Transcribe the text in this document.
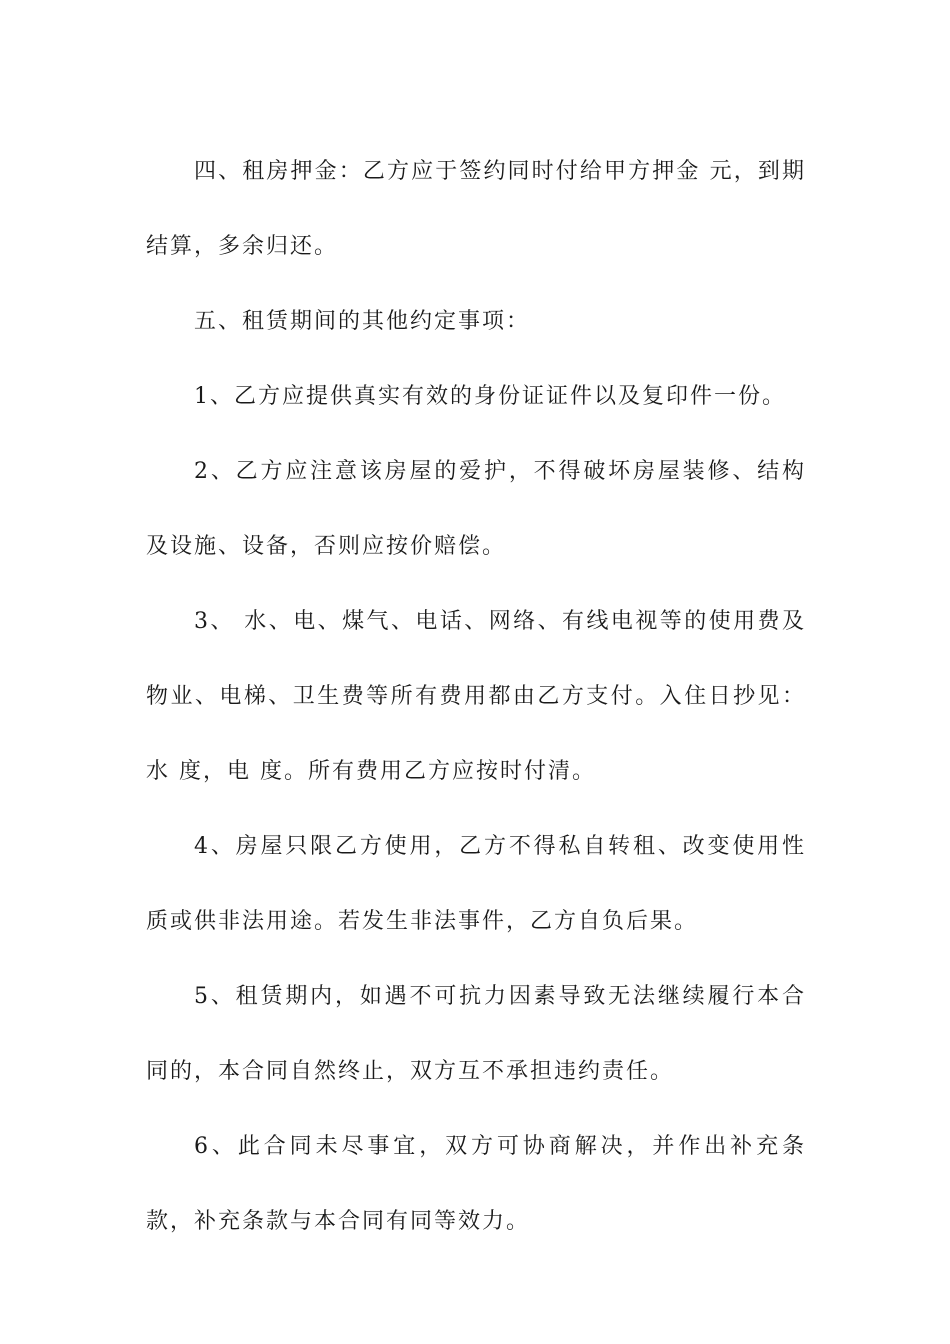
四、租房押金：乙方应于签约同时付给甲方押金 元，到期结算，多余归还。

五、租赁期间的其他约定事项：

1、乙方应提供真实有效的身份证证件以及复印件一份。

2、乙方应注意该房屋的爱护，不得破坏房屋装修、结构及设施、设备，否则应按价赔偿。

3、 水、电、煤气、电话、网络、有线电视等的使用费及物业、电梯、卫生费等所有费用都由乙方支付。入住日抄见：水 度，电 度。所有费用乙方应按时付清。

4、房屋只限乙方使用，乙方不得私自转租、改变使用性质或供非法用途。若发生非法事件，乙方自负后果。

5、租赁期内，如遇不可抗力因素导致无法继续履行本合同的，本合同自然终止，双方互不承担违约责任。

6、此合同未尽事宜，双方可协商解决，并作出补充条款，补充条款与本合同有同等效力。
